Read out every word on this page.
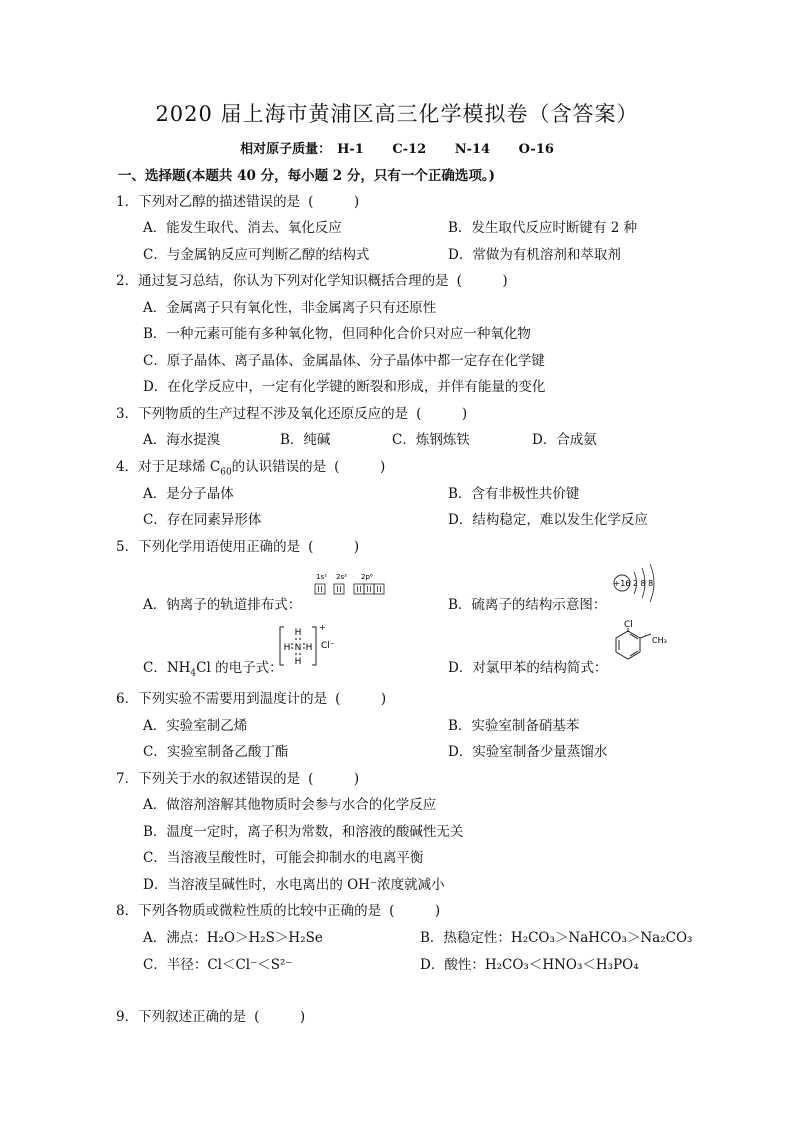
2020 届上海市黄浦区高三化学模拟卷（含答案）
相对原子质量： H-1 C-12 N-14 O-16
一、选择题(本题共 40 分，每小题 2 分，只有一个正确选项。)
1．下列对乙醇的描述错误的是 (　　　)
A．能发生取代、消去、氧化反应	B．发生取代反应时断键有 2 种
C．与金属钠反应可判断乙醇的结构式	D．常做为有机溶剂和萃取剂
2．通过复习总结，你认为下列对化学知识概括合理的是 (　　　)
A．金属离子只有氧化性，非金属离子只有还原性
B．一种元素可能有多种氧化物，但同种化合价只对应一种氧化物
C．原子晶体、离子晶体、金属晶体、分子晶体中都一定存在化学键
D．在化学反应中，一定有化学键的断裂和形成，并伴有能量的变化
3．下列物质的生产过程不涉及氧化还原反应的是 (　　　)
A．海水提溴	B．纯碱	C．炼钢炼铁	D．合成氨
4．对于足球烯 $C_{60}$的认识错误的是 (　　　)
A．是分子晶体	B．含有非极性共价键
C．存在同素异形体	D．结构稳定，难以发生化学反应
5．下列化学用语使用正确的是 (　　　)
A．钠离子的轨道排布式：
1s² 2s² 2p⁶
B．硫离子的结构示意图：
+16 2 8 8
C．$NH_4Cl$ 的电子式：
H
H N H
H
+
Cl⁻
D．对氯甲苯的结构简式：
Cl
CH₃
6．下列实验不需要用到温度计的是 (　　　)
A．实验室制乙烯	B．实验室制备硝基苯
C．实验室制备乙酸丁酯	D．实验室制备少量蒸馏水
7．下列关于水的叙述错误的是 (　　　)
A．做溶剂溶解其他物质时会参与水合的化学反应
B．温度一定时，离子积为常数，和溶液的酸碱性无关
C．当溶液呈酸性时，可能会抑制水的电离平衡
D．当溶液呈碱性时，水电离出的 OH⁻浓度就减小
8．下列各物质或微粒性质的比较中正确的是 (　　　)
A．沸点：H₂O＞H₂S＞H₂Se	B．热稳定性：H₂CO₃＞NaHCO₃＞Na₂CO₃
C．半径：Cl＜Cl⁻＜S²⁻	D．酸性：H₂CO₃＜HNO₃＜H₃PO₄
9．下列叙述正确的是 (　　　)
